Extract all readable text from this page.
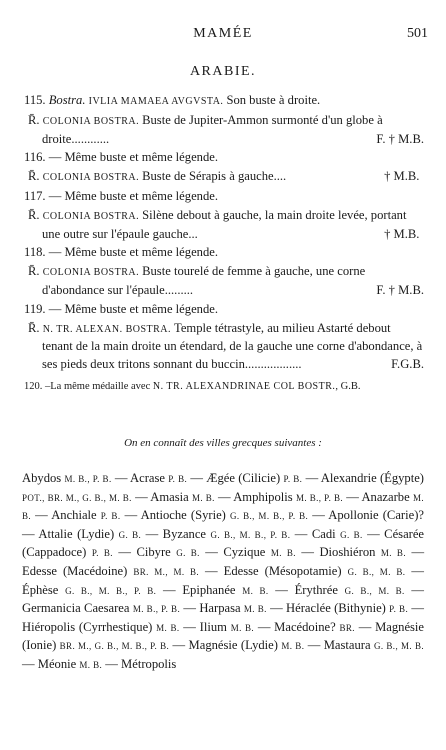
MAMÉE	501
ARABIE.
115. Bostra. IVLIA MAMAEA AVGVSTA. Son buste à droite.
R̄. COLONIA BOSTRA. Buste de Jupiter-Ammon surmonté d'un globe à droite............	F. † M.B.
116. — Même buste et même légende.
R̄. COLONIA BOSTRA. Buste de Sérapis à gauche....	† M.B.
117. — Même buste et même légende.
R̄. COLONIA BOSTRA. Silène debout à gauche, la main droite levée, portant une outre sur l'épaule gauche...	† M.B.
118. — Même buste et même légende.
R̄. COLONIA BOSTRA. Buste tourelé de femme à gauche, une corne d'abondance sur l'épaule.........	F. † M.B.
119. — Même buste et même légende.
R̄. N. TR. ALEXAN. BOSTRA. Temple tétrastyle, au milieu Astarté debout tenant de la main droite un étendard, de la gauche une corne d'abondance, à ses pieds deux tritons sonnant du buccin..................	F.G.B.
120. –La même médaille avec N. TR. ALEXANDRINAE COL BOSTR., G.B.
On en connaît des villes grecques suivantes :
Abydos M. B., P. B. — Acrase P. B. — Ægée (Cilicie) P. B. — Alexandrie (Égypte) POT., BR. M., G. B., M. B. — Amasia M. B. — Amphipolis M. B., P. B. — Anazarbe M. B. — Anchiale P. B. — Antioche (Syrie) G. B., M. B., P. B. — Apollonie (Carie)? — Attalie (Lydie) G. B. — Byzance G. B., M. B., P. B. — Cadi G. B. — Césarée (Cappadoce) P. B. — Cibyre G. B. — Cyzique M. B. — Dioshiéron M. B. — Edesse (Macédoine) BR. M., M. B. — Edesse (Mésopotamie) G. B., M. B. — Éphèse G. B., M. B., P. B. — Epiphanée M. B. — Érythrée G. B., M. B. — Germanicia Caesarea M. B., P. B. — Harpasa M. B. — Héraclée (Bithynie) P. B. — Hiéropolis (Cyrrhestique) M. B. — Ilium M. B. — Macédoine? BR. — Magnésie (Ionie) BR. M., G. B., M. B., P. B. — Magnésie (Lydie) M. B. — Mastaura G. B., M. B. — Méonie M. B. — Métropolis
